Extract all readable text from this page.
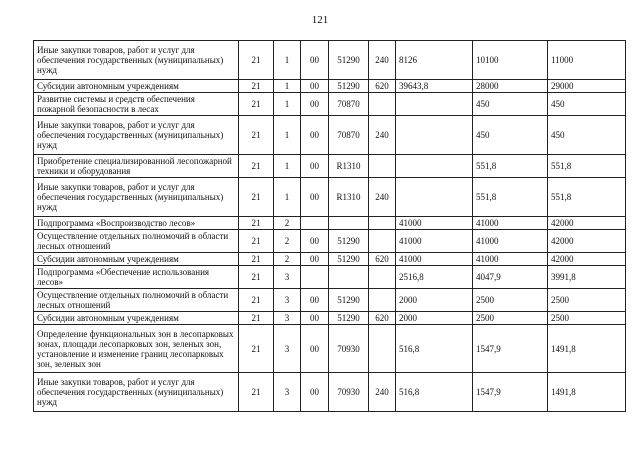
121
Иные закупки товаров, работ и услуг для обеспечения государственных (муниципальных) нужд	21	1	00	51290	240	8126	10100	11000
Субсидии автономным учреждениям	21	1	00	51290	620	39643,8	28000	29000
Развитие системы и средств обеспечения пожарной безопасности в лесах	21	1	00	70870			450	450
Иные закупки товаров, работ и услуг для обеспечения государственных (муниципальных) нужд	21	1	00	70870	240		450	450
Приобретение специализированной лесопожарной техники и оборудования	21	1	00	R1310			551,8	551,8
Иные закупки товаров, работ и услуг для обеспечения государственных (муниципальных) нужд	21	1	00	R1310	240		551,8	551,8
Подпрограмма «Воспроизводство лесов»	21	2				41000	41000	42000
Осуществление отдельных полномочий в области лесных отношений	21	2	00	51290		41000	41000	42000
Субсидии автономным учреждениям	21	2	00	51290	620	41000	41000	42000
Подпрограмма «Обеспечение использования лесов»	21	3				2516,8	4047,9	3991,8
Осуществление отдельных полномочий в области лесных отношений	21	3	00	51290		2000	2500	2500
Субсидии автономным учреждениям	21	3	00	51290	620	2000	2500	2500
Определение функциональных зон в лесопарковых зонах, площади лесопарковых зон, зеленых зон, установление и изменение границ лесопарковых зон, зеленых зон	21	3	00	70930		516,8	1547,9	1491,8
Иные закупки товаров, работ и услуг для обеспечения государственных (муниципальных) нужд	21	3	00	70930	240	516,8	1547,9	1491,8
